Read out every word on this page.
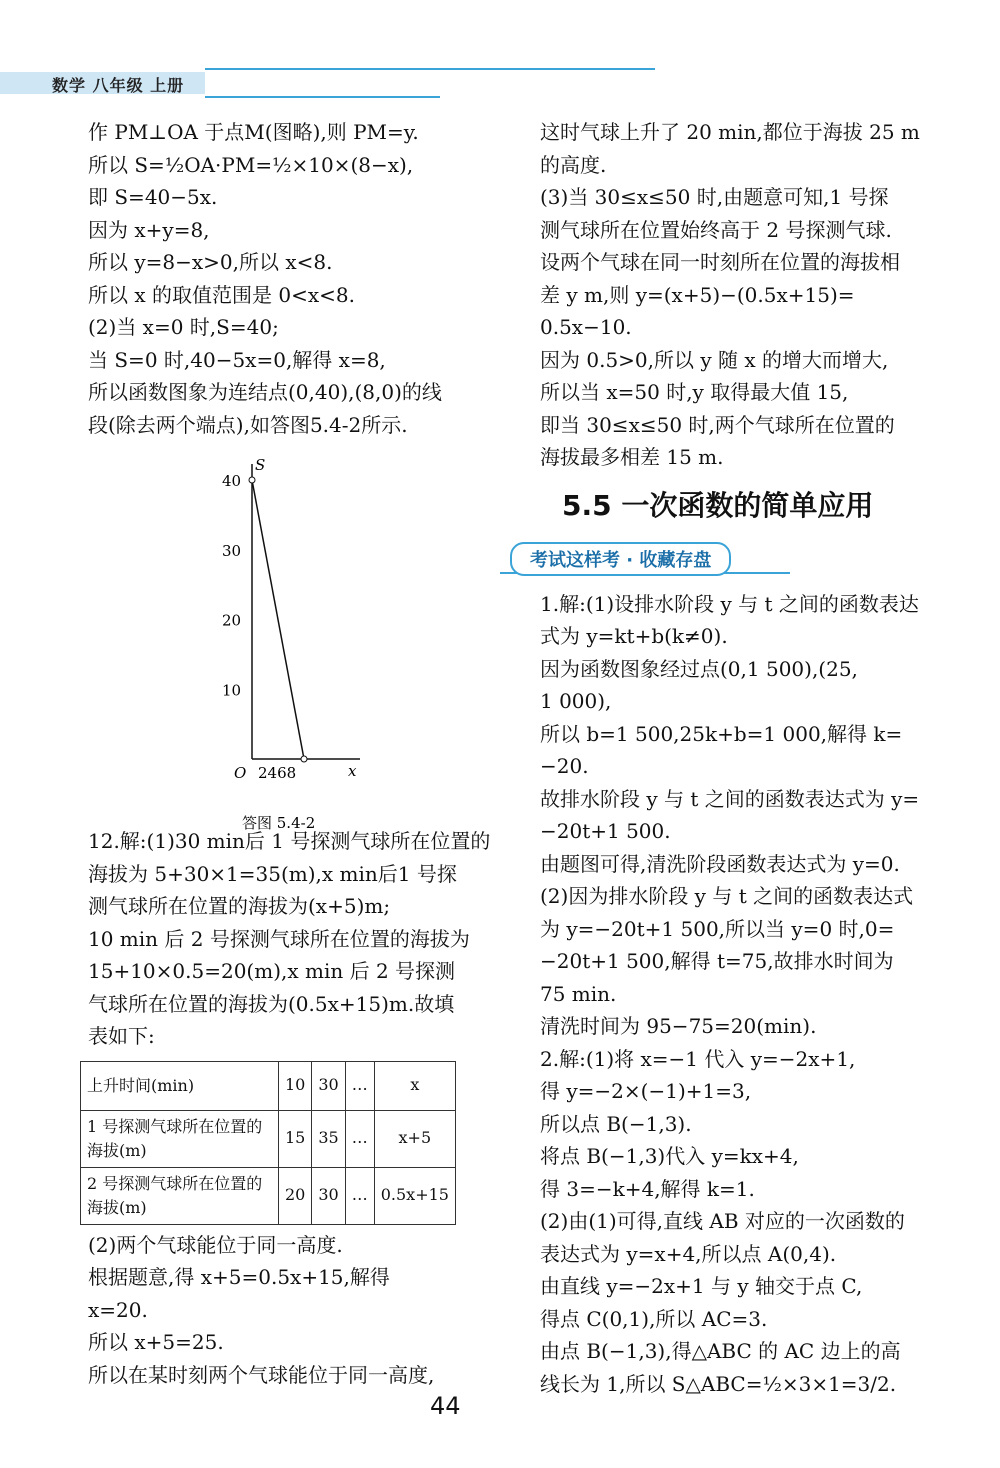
数学 八年级 上册

作 PM⊥OA 于点M(图略),则 PM=y.

所以 S=½OA·PM=½×10×(8−x),

即 S=40−5x.

因为 x+y=8,

所以 y=8−x>0,所以 x<8.

所以 x 的取值范围是 0<x<8.

(2)当 x=0 时,S=40;

当 S=0 时,40−5x=0,解得 x=8,

所以函数图象为连结点(0,40),(8,0)的线

段(除去两个端点),如答图5.4-2所示.

12.解:(1)30 min后 1 号探测气球所在位置的

海拔为 5+30×1=35(m),x min后1 号探

测气球所在位置的海拔为(x+5)m;

10 min 后 2 号探测气球所在位置的海拔为

15+10×0.5=20(m),x min 后 2 号探测

气球所在位置的海拔为(0.5x+15)m.故填

表如下:

上升时间(min)	10	30	…	x
1 号探测气球所在位置的海拔(m)	15	35	…	x+5
2 号探测气球所在位置的海拔(m)	20	30	…	0.5x+15

(2)两个气球能位于同一高度.

根据题意,得 x+5=0.5x+15,解得

x=20.

所以 x+5=25.

所以在某时刻两个气球能位于同一高度,

答图 5.4-2
S
x
O
40
30
20
10
2468

这时气球上升了 20 min,都位于海拔 25 m

的高度.

(3)当 30≤x≤50 时,由题意可知,1 号探

测气球所在位置始终高于 2 号探测气球.

设两个气球在同一时刻所在位置的海拔相

差 y m,则 y=(x+5)−(0.5x+15)=

0.5x−10.

因为 0.5>0,所以 y 随 x 的增大而增大,

所以当 x=50 时,y 取得最大值 15,

即当 30≤x≤50 时,两个气球所在位置的

海拔最多相差 15 m.

5.5 一次函数的简单应用

考试这样考 · 收藏存盘

1.解:(1)设排水阶段 y 与 t 之间的函数表达

式为 y=kt+b(k≠0).

因为函数图象经过点(0,1 500),(25,

1 000),

所以 b=1 500,25k+b=1 000,解得 k=

−20.

故排水阶段 y 与 t 之间的函数表达式为 y=

−20t+1 500.

由题图可得,清洗阶段函数表达式为 y=0.

(2)因为排水阶段 y 与 t 之间的函数表达式

为 y=−20t+1 500,所以当 y=0 时,0=

−20t+1 500,解得 t=75,故排水时间为

75 min.

清洗时间为 95−75=20(min).

2.解:(1)将 x=−1 代入 y=−2x+1,

得 y=−2×(−1)+1=3,

所以点 B(−1,3).

将点 B(−1,3)代入 y=kx+4,

得 3=−k+4,解得 k=1.

(2)由(1)可得,直线 AB 对应的一次函数的

表达式为 y=x+4,所以点 A(0,4).

由直线 y=−2x+1 与 y 轴交于点 C,

得点 C(0,1),所以 AC=3.

由点 B(−1,3),得△ABC 的 AC 边上的高

线长为 1,所以 S△ABC=½×3×1=3/2.

44
